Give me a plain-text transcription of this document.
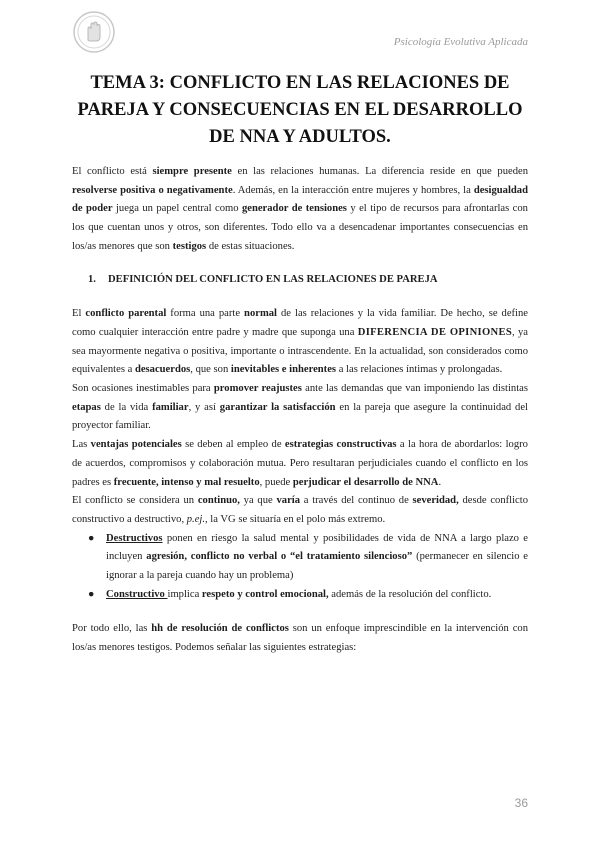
Psicología Evolutiva Aplicada
TEMA 3: CONFLICTO EN LAS RELACIONES DE
PAREJA Y CONSECUENCIAS EN EL DESARROLLO
DE NNA Y ADULTOS.

El conflicto está siempre presente en las relaciones humanas. La diferencia reside en que pueden resolverse positiva o negativamente. Además, en la interacción entre mujeres y hombres, la desigualdad de poder juega un papel central como generador de tensiones y el tipo de recursos para afrontarlas con los que cuentan unos y otros, son diferentes. Todo ello va a desencadenar importantes consecuencias en los/as menores que son testigos de estas situaciones.

1.	DEFINICIÓN DEL CONFLICTO EN LAS RELACIONES DE PAREJA

El conflicto parental forma una parte normal de las relaciones y la vida familiar. De hecho, se define como cualquier interacción entre padre y madre que suponga una DIFERENCIA DE OPINIONES, ya sea mayormente negativa o positiva, importante o intrascendente. En la actualidad, son considerados como equivalentes a desacuerdos, que son inevitables e inherentes a las relaciones íntimas y prolongadas.

Son ocasiones inestimables para promover reajustes ante las demandas que van imponiendo las distintas etapas de la vida familiar, y así garantizar la satisfacción en la pareja que asegure la continuidad del proyector familiar.

Las ventajas potenciales se deben al empleo de estrategias constructivas a la hora de abordarlos: logro de acuerdos, compromisos y colaboración mutua. Pero resultaran perjudiciales cuando el conflicto en los padres es frecuente, intenso y mal resuelto, puede perjudicar el desarrollo de NNA.

El conflicto se considera un continuo, ya que varía a través del continuo de severidad, desde conflicto constructivo a destructivo, p.ej., la VG se situaría en el polo más extremo.

● Destructivos ponen en riesgo la salud mental y posibilidades de vida de NNA a largo plazo e incluyen agresión, conflicto no verbal o “el tratamiento silencioso” (permanecer en silencio e ignorar a la pareja cuando hay un problema)
● Constructivo implica respeto y control emocional, además de la resolución del conflicto.

Por todo ello, las hh de resolución de conflictos son un enfoque imprescindible en la intervención con los/as menores testigos. Podemos señalar las siguientes estrategias:

36
